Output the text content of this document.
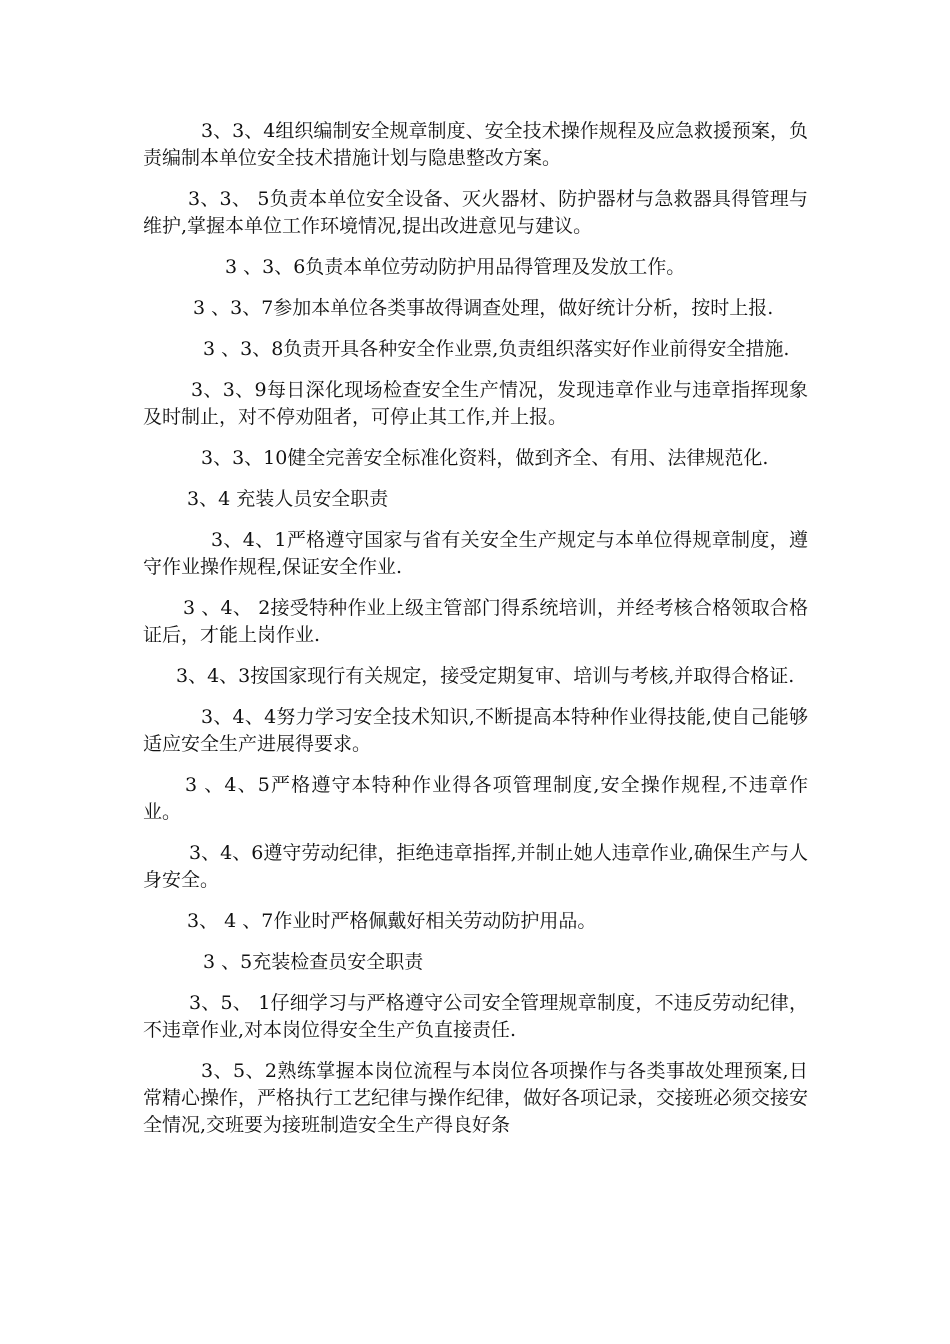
3、3、4组织编制安全规章制度、安全技术操作规程及应急救援预案，负责编制本单位安全技术措施计划与隐患整改方案。

3、3、 5负责本单位安全设备、灭火器材、防护器材与急救器具得管理与维护,掌握本单位工作环境情况,提出改进意见与建议。

3 、3、6负责本单位劳动防护用品得管理及发放工作。

3 、3、7参加本单位各类事故得调查处理，做好统计分析，按时上报.

3 、3、8负责开具各种安全作业票,负责组织落实好作业前得安全措施.

3、3、9每日深化现场检查安全生产情况，发现违章作业与违章指挥现象及时制止，对不停劝阻者，可停止其工作,并上报。

3、3、10健全完善安全标准化资料，做到齐全、有用、法律规范化.

3、4 充装人员安全职责

3、4、1严格遵守国家与省有关安全生产规定与本单位得规章制度，遵守作业操作规程,保证安全作业.

3 、4、 2接受特种作业上级主管部门得系统培训，并经考核合格领取合格证后，才能上岗作业.

3、4、3按国家现行有关规定，接受定期复审、培训与考核,并取得合格证.

3、4、4努力学习安全技术知识,不断提高本特种作业得技能,使自己能够适应安全生产进展得要求。

3 、4、5严格遵守本特种作业得各项管理制度,安全操作规程,不违章作业。

3、4、6遵守劳动纪律，拒绝违章指挥,并制止她人违章作业,确保生产与人身安全。

3、 4 、7作业时严格佩戴好相关劳动防护用品。

3 、5充装检查员安全职责

3、5、 1仔细学习与严格遵守公司安全管理规章制度，不违反劳动纪律，不违章作业,对本岗位得安全生产负直接责任.

3、5、2熟练掌握本岗位流程与本岗位各项操作与各类事故处理预案,日常精心操作，严格执行工艺纪律与操作纪律，做好各项记录，交接班必须交接安全情况,交班要为接班制造安全生产得良好条
